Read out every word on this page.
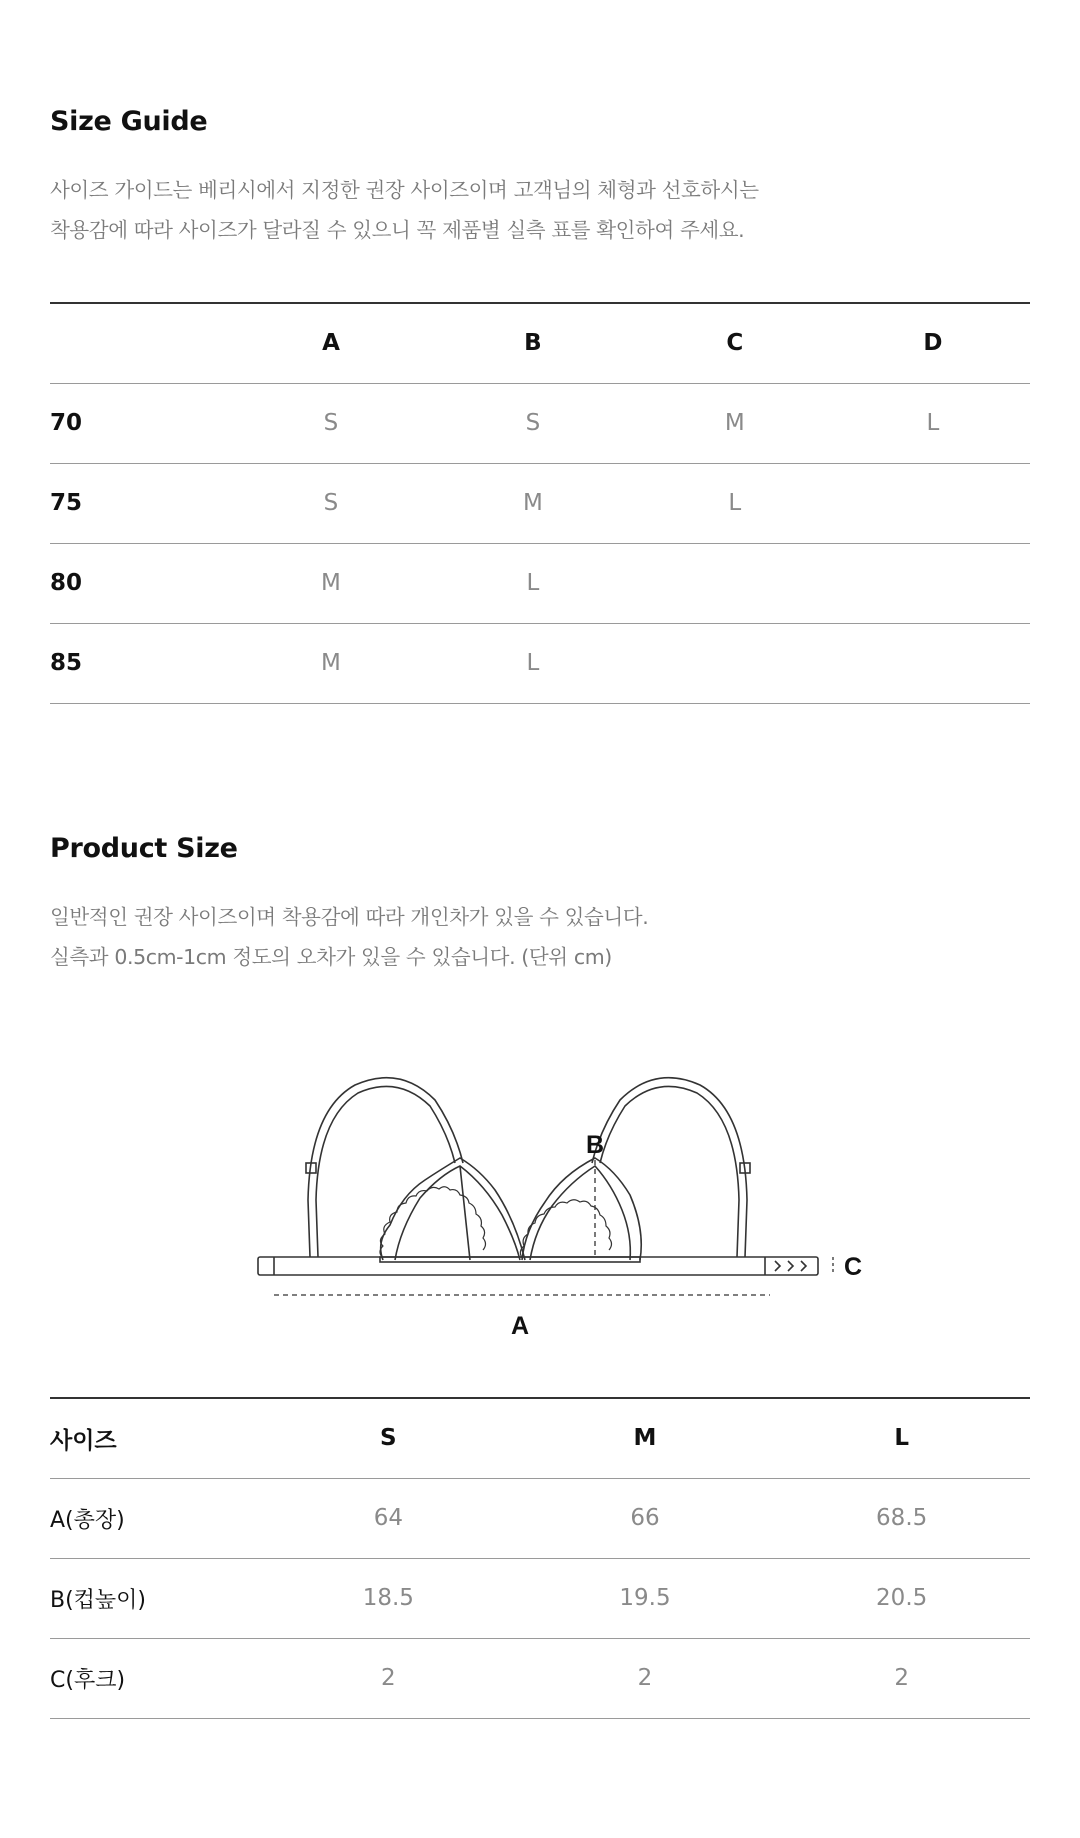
Size Guide
사이즈 가이드는 베리시에서 지정한 권장 사이즈이며 고객님의 체형과 선호하시는
착용감에 따라 사이즈가 달라질 수 있으니 꼭 제품별 실측 표를 확인하여 주세요.
	A	B	C	D
70	S	S	M	L
75	S	M	L	
80	M	L		
85	M	L		
Product Size
일반적인 권장 사이즈이며 착용감에 따라 개인차가 있을 수 있습니다.
실측과 0.5cm-1cm 정도의 오차가 있을 수 있습니다. (단위 cm)
A
B
C
사이즈	S	M	L
A(총장)	64	66	68.5
B(컵높이)	18.5	19.5	20.5
C(후크)	2	2	2
